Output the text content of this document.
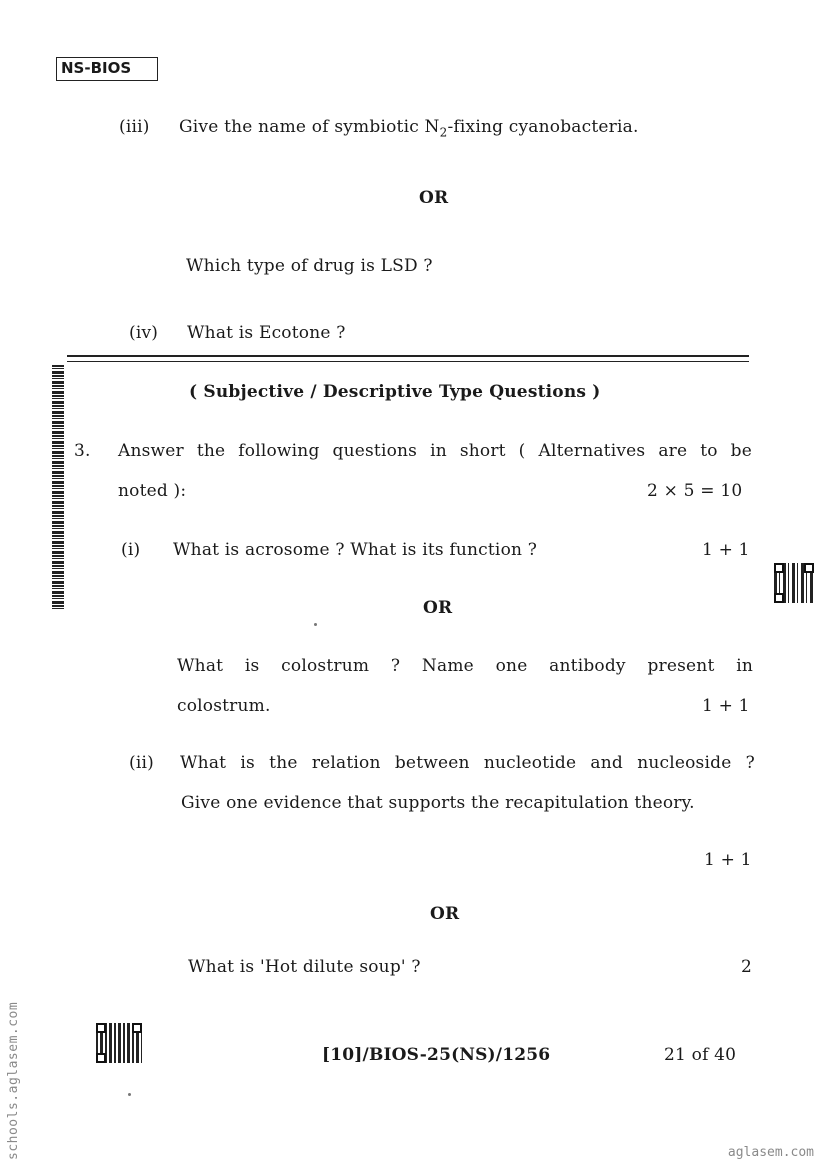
NS-BIOS
(iii) Give the name of symbiotic $N_2$-fixing cyanobacteria.
OR
Which type of drug is LSD ?
(iv) What is Ecotone ?
( Subjective / Descriptive Type Questions )
3. Answer the following questions in short ( Alternatives are to be
noted ):	2 × 5 = 10
(i) What is acrosome ? What is its function ?	1 + 1
OR
What is colostrum ? Name one antibody present in
colostrum.	1 + 1
(ii) What is the relation between nucleotide and nucleoside ?
Give one evidence that supports the recapitulation theory.
1 + 1
OR
What is 'Hot dilute soup' ?	2
[10]/BIOS-25(NS)/1256	21 of 40
schools.aglasem.com	aglasem.com
